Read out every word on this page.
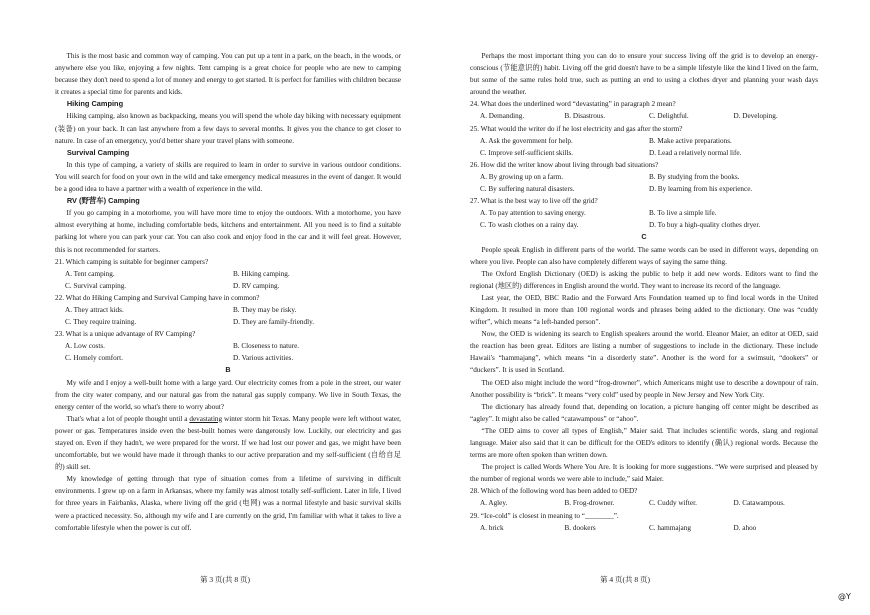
This is the most basic and common way of camping. You can put up a tent in a park, on the beach, in the woods, or anywhere else you like, enjoying a few nights. Tent camping is a great choice for people who are new to camping because they don't need to spend a lot of money and energy to get started. It is perfect for families with children because it creates a special time for parents and kids.

Hiking Camping

Hiking camping, also known as backpacking, means you will spend the whole day hiking with necessary equipment (装备) on your back. It can last anywhere from a few days to several months. It gives you the chance to get closer to nature. In case of an emergency, you'd better share your travel plans with someone.

Survival Camping

In this type of camping, a variety of skills are required to learn in order to survive in various outdoor conditions. You will search for food on your own in the wild and take emergency medical measures in the event of danger. It would be a good idea to have a partner with a wealth of experience in the wild.

RV (野营车) Camping

If you go camping in a motorhome, you will have more time to enjoy the outdoors. With a motorhome, you have almost everything at home, including comfortable beds, kitchens and entertainment. All you need is to find a suitable parking lot where you can park your car. You can also cook and enjoy food in the car and it will feel great. However, this is not recommended for starters.

21. Which camping is suitable for beginner campers?

A. Tent camping.	B. Hiking camping.
C. Survival camping.	D. RV camping.

22. What do Hiking Camping and Survival Camping have in common?

A. They attract kids.	B. They may be risky.
C. They require training.	D. They are family-friendly.

23. What is a unique advantage of RV Camping?

A. Low costs.	B. Closeness to nature.
C. Homely comfort.	D. Various activities.

B

My wife and I enjoy a well-built home with a large yard. Our electricity comes from a pole in the street, our water from the city water company, and our natural gas from the natural gas supply company. We live in South Texas, the energy center of the world, so what's there to worry about?

That's what a lot of people thought until a devastating winter storm hit Texas. Many people were left without water, power or gas. Temperatures inside even the best-built homes were dangerously low. Luckily, our electricity and gas stayed on. Even if they hadn't, we were prepared for the worst. If we had lost our power and gas, we might have been uncomfortable, but we would have made it through thanks to our active preparation and my self-sufficient (自给自足的) skill set.

My knowledge of getting through that type of situation comes from a lifetime of surviving in difficult environments. I grew up on a farm in Arkansas, where my family was almost totally self-sufficient. Later in life, I lived for three years in Fairbanks, Alaska, where living off the grid (电网) was a normal lifestyle and basic survival skills were a practiced necessity. So, although my wife and I are currently on the grid, I'm familiar with what it takes to live a comfortable lifestyle when the power is cut off.

Perhaps the most important thing you can do to ensure your success living off the grid is to develop an energy-conscious (节能意识的) habit. Living off the grid doesn't have to be a simple lifestyle like the kind I lived on the farm, but some of the same rules hold true, such as putting an end to using a clothes dryer and planning your wash days around the weather.

24. What does the underlined word “devastating” in paragraph 2 mean?

A. Demanding.	B. Disastrous.	C. Delightful.	D. Developing.

25. What would the writer do if he lost electricity and gas after the storm?

A. Ask the government for help.	B. Make active preparations.
C. Improve self-sufficient skills.	D. Lead a relatively normal life.

26. How did the writer know about living through bad situations?

A. By growing up on a farm.	B. By studying from the books.
C. By suffering natural disasters.	D. By learning from his experience.

27. What is the best way to live off the grid?

A. To pay attention to saving energy.	B. To live a simple life.
C. To wash clothes on a rainy day.	D. To buy a high-quality clothes dryer.

C

People speak English in different parts of the world. The same words can be used in different ways, depending on where you live. People can also have completely different ways of saying the same thing.

The Oxford English Dictionary (OED) is asking the public to help it add new words. Editors want to find the regional (地区的) differences in English around the world. They want to increase its record of the language.

Last year, the OED, BBC Radio and the Forward Arts Foundation teamed up to find local words in the United Kingdom. It resulted in more than 100 regional words and phrases being added to the dictionary. One was “cuddy wifter”, which means “a left-handed person”.

Now, the OED is widening its search to English speakers around the world. Eleanor Maier, an editor at OED, said the reaction has been great. Editors are listing a number of suggestions to include in the dictionary. These include Hawaii's “hammajang”, which means “in a disorderly state”. Another is the word for a swimsuit, “dookers” or “duckers”. It is used in Scotland.

The OED also might include the word “frog-drowner”, which Americans might use to describe a downpour of rain. Another possibility is “brick”. It means “very cold” used by people in New Jersey and New York City.

The dictionary has already found that, depending on location, a picture hanging off center might be described as “agley”. It might also be called “catawampous” or “ahoo”.

“The OED aims to cover all types of English,” Maier said. That includes scientific words, slang and regional language. Maier also said that it can be difficult for the OED's editors to identify (确认) regional words. Because the terms are more often spoken than written down.

The project is called Words Where You Are. It is looking for more suggestions. “We were surprised and pleased by the number of regional words we were able to include,” said Maier.

28. Which of the following word has been added to OED?

A. Agley.	B. Frog-drowner.	C. Cuddy wifter.	D. Catawampous.

29. “Ice-cold” is closest in meaning to “________”.

A. brick	B. dookers	C. hammajang	D. ahoo
第 3 页(共 8 页)	第 4 页(共 8 页)
@Y
